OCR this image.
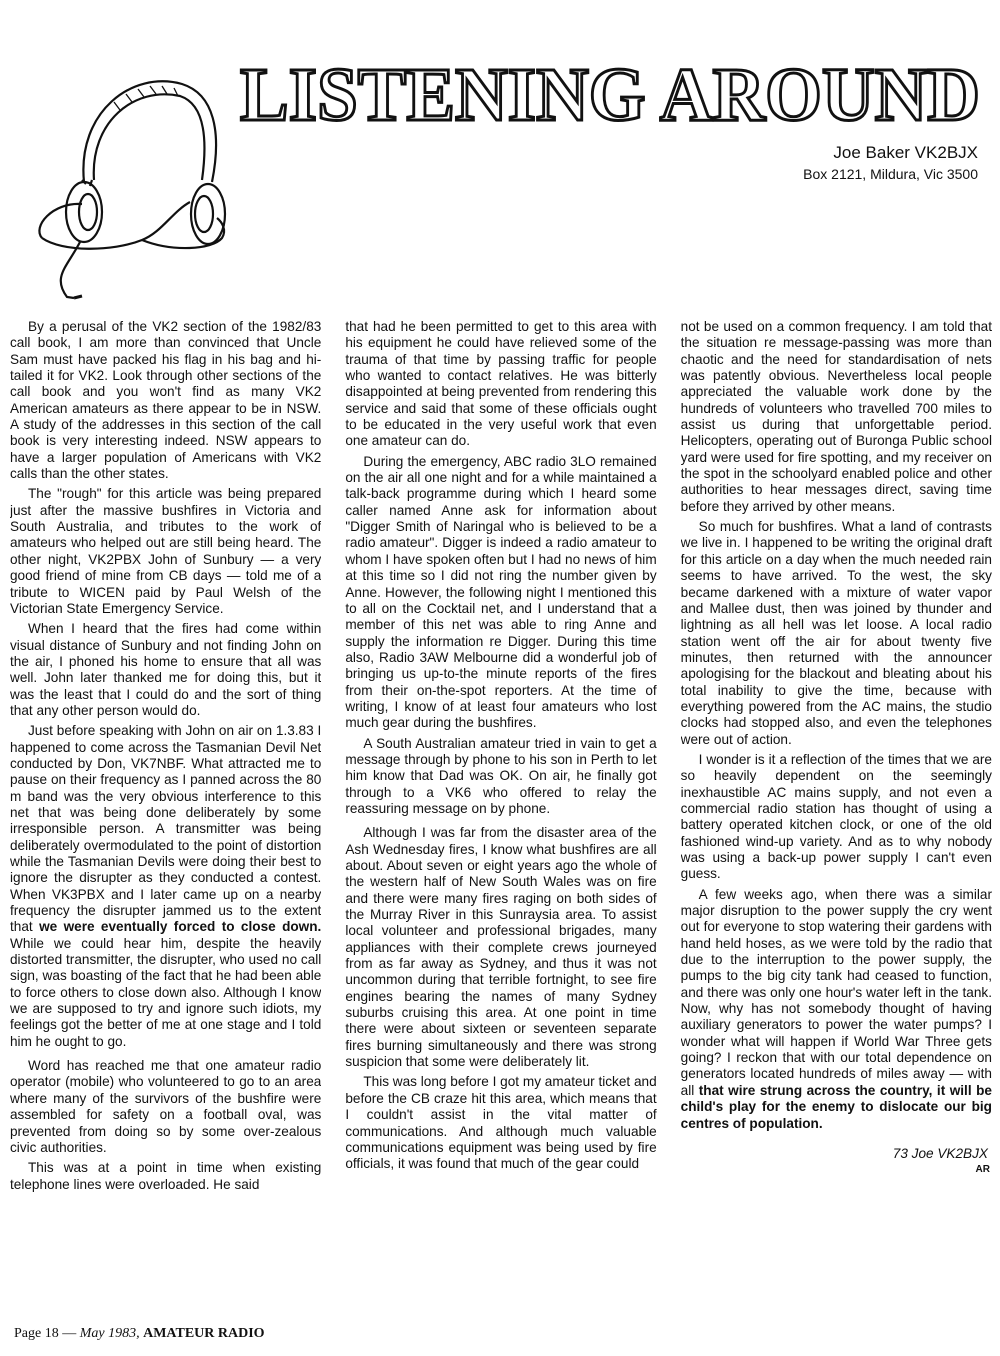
LISTENING AROUND
Joe Baker VK2BJX
Box 2121, Mildura, Vic 3500

By a perusal of the VK2 section of the 1982/83 call book, I am more than convinced that Uncle Sam must have packed his flag in his bag and hi-tailed it for VK2. Look through other sections of the call book and you won't find as many VK2 American amateurs as there appear to be in NSW. A study of the addresses in this section of the call book is very interesting indeed. NSW appears to have a larger population of Americans with VK2 calls than the other states.

The "rough" for this article was being prepared just after the massive bushfires in Victoria and South Australia, and tributes to the work of amateurs who helped out are still being heard. The other night, VK2PBX John of Sunbury — a very good friend of mine from CB days — told me of a tribute to WICEN paid by Paul Welsh of the Victorian State Emergency Service.

When I heard that the fires had come within visual distance of Sunbury and not finding John on the air, I phoned his home to ensure that all was well. John later thanked me for doing this, but it was the least that I could do and the sort of thing that any other person would do.

Just before speaking with John on air on 1.3.83 I happened to come across the Tasmanian Devil Net conducted by Don, VK7NBF. What attracted me to pause on their frequency as I panned across the 80 m band was the very obvious interference to this net that was being done deliberately by some irresponsible person. A transmitter was being deliberately overmodulated to the point of distortion while the Tasmanian Devils were doing their best to ignore the disrupter as they conducted a contest. When VK3PBX and I later came up on a nearby frequency the disrupter jammed us to the extent that we were eventually forced to close down. While we could hear him, despite the heavily distorted transmitter, the disrupter, who used no call sign, was boasting of the fact that he had been able to force others to close down also. Although I know we are supposed to try and ignore such idiots, my feelings got the better of me at one stage and I told him he ought to go.

Word has reached me that one amateur radio operator (mobile) who volunteered to go to an area where many of the survivors of the bushfire were assembled for safety on a football oval, was prevented from doing so by some over-zealous civic authorities.

This was at a point in time when existing telephone lines were overloaded. He said

that had he been permitted to get to this area with his equipment he could have relieved some of the trauma of that time by passing traffic for people who wanted to contact relatives. He was bitterly disappointed at being prevented from rendering this service and said that some of these officials ought to be educated in the very useful work that even one amateur can do.

During the emergency, ABC radio 3LO remained on the air all one night and for a while maintained a talk-back programme during which I heard some caller named Anne ask for information about "Digger Smith of Naringal who is believed to be a radio amateur". Digger is indeed a radio amateur to whom I have spoken often but I had no news of him at this time so I did not ring the number given by Anne. However, the following night I mentioned this to all on the Cocktail net, and I understand that a member of this net was able to ring Anne and supply the information re Digger. During this time also, Radio 3AW Melbourne did a wonderful job of bringing us up-to-the minute reports of the fires from their on-the-spot reporters. At the time of writing, I know of at least four amateurs who lost much gear during the bushfires.

A South Australian amateur tried in vain to get a message through by phone to his son in Perth to let him know that Dad was OK. On air, he finally got through to a VK6 who offered to relay the reassuring message on by phone.

Although I was far from the disaster area of the Ash Wednesday fires, I know what bushfires are all about. About seven or eight years ago the whole of the western half of New South Wales was on fire and there were many fires raging on both sides of the Murray River in this Sunraysia area. To assist local volunteer and professional brigades, many appliances with their complete crews journeyed from as far away as Sydney, and thus it was not uncommon during that terrible fortnight, to see fire engines bearing the names of many Sydney suburbs cruising this area. At one point in time there were about sixteen or seventeen separate fires burning simultaneously and there was strong suspicion that some were deliberately lit.

This was long before I got my amateur ticket and before the CB craze hit this area, which means that I couldn't assist in the vital matter of communications. And although much valuable communications equipment was being used by fire officials, it was found that much of the gear could

not be used on a common frequency. I am told that the situation re message-passing was more than chaotic and the need for standardisation of nets was patently obvious. Nevertheless local people appreciated the valuable work done by the hundreds of volunteers who travelled 700 miles to assist us during that unforgettable period. Helicopters, operating out of Buronga Public school yard were used for fire spotting, and my receiver on the spot in the schoolyard enabled police and other authorities to hear messages direct, saving time before they arrived by other means.

So much for bushfires. What a land of contrasts we live in. I happened to be writing the original draft for this article on a day when the much needed rain seems to have arrived. To the west, the sky became darkened with a mixture of water vapor and Mallee dust, then was joined by thunder and lightning as all hell was let loose. A local radio station went off the air for about twenty five minutes, then returned with the announcer apologising for the blackout and bleating about his total inability to give the time, because with everything powered from the AC mains, the studio clocks had stopped also, and even the telephones were out of action.

I wonder is it a reflection of the times that we are so heavily dependent on the seemingly inexhaustible AC mains supply, and not even a commercial radio station has thought of using a battery operated kitchen clock, or one of the old fashioned wind-up variety. And as to why nobody was using a back-up power supply I can't even guess.

A few weeks ago, when there was a similar major disruption to the power supply the cry went out for everyone to stop watering their gardens with hand held hoses, as we were told by the radio that due to the interruption to the power supply, the pumps to the big city tank had ceased to function, and there was only one hour's water left in the tank. Now, why has not somebody thought of having auxiliary generators to power the water pumps? I wonder what will happen if World War Three gets going? I reckon that with our total dependence on generators located hundreds of miles away — with all that wire strung across the country, it will be child's play for the enemy to dislocate our big centres of population.

73 Joe VK2BJX
AR
Page 18 — May 1983, AMATEUR RADIO
